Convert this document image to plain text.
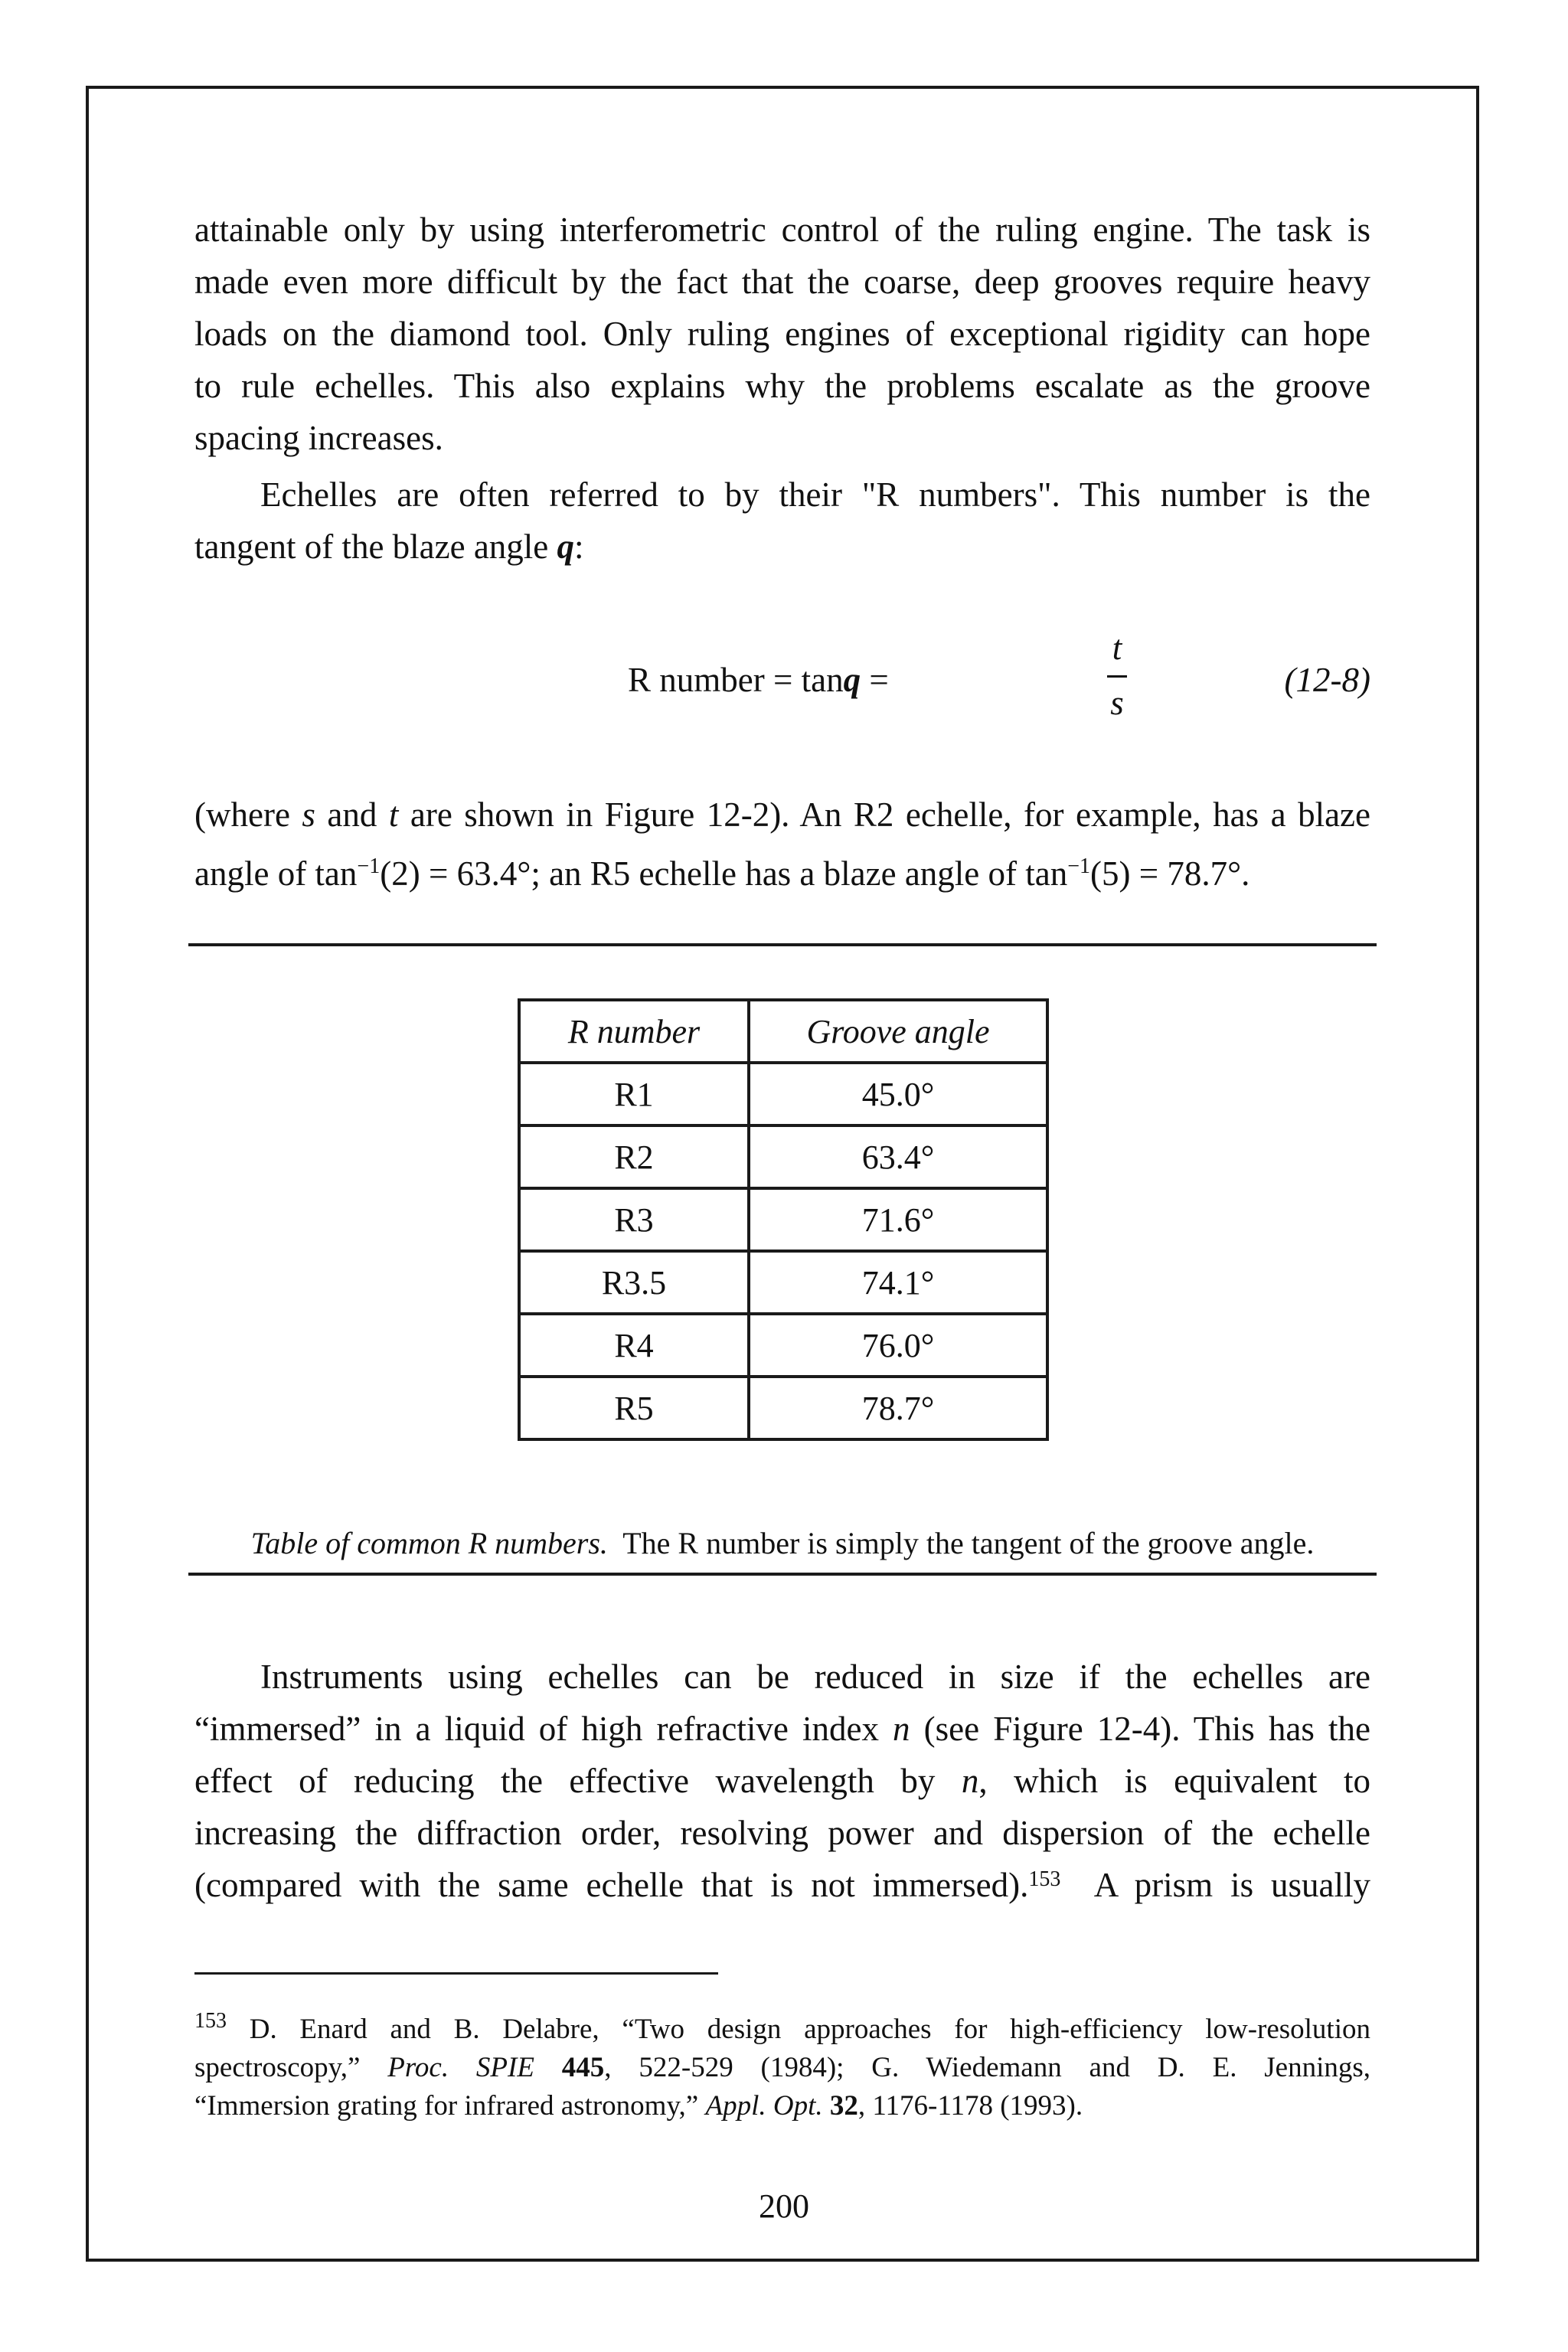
attainable only by using interferometric control of the ruling engine. The task is
made even more difficult by the fact that the coarse, deep grooves require heavy
loads on the diamond tool. Only ruling engines of exceptional rigidity can hope
to rule echelles. This also explains why the problems escalate as the groove
spacing increases.
Echelles are often referred to by their "R numbers". This number is the
tangent of the blaze angle q:
R number = tanq =
t
s
(12-8)
(where s and t are shown in Figure 12-2). An R2 echelle, for example, has a blaze
angle of $\tan^{-1}(2) = 63.4^\circ$; an R5 echelle has a blaze angle of $\tan^{-1}(5) = 78.7^\circ$.
R number	Groove angle
R1	45.0°
R2	63.4°
R3	71.6°
R3.5	74.1°
R4	76.0°
R5	78.7°
Table of common R numbers.  The R number is simply the tangent of the groove angle.
Instruments using echelles can be reduced in size if the echelles are
“immersed” in a liquid of high refractive index n (see Figure 12-4). This has the
effect of reducing the effective wavelength by n, which is equivalent to
increasing the diffraction order, resolving power and dispersion of the echelle
(compared with the same echelle that is not immersed).$^{153}$  A prism is usually
$^{153}$ D. Enard and B. Delabre, “Two design approaches for high-efficiency low-resolution
spectroscopy,” Proc. SPIE 445, 522-529 (1984); G. Wiedemann and D. E. Jennings,
“Immersion grating for infrared astronomy,” Appl. Opt. 32, 1176-1178 (1993).
200
